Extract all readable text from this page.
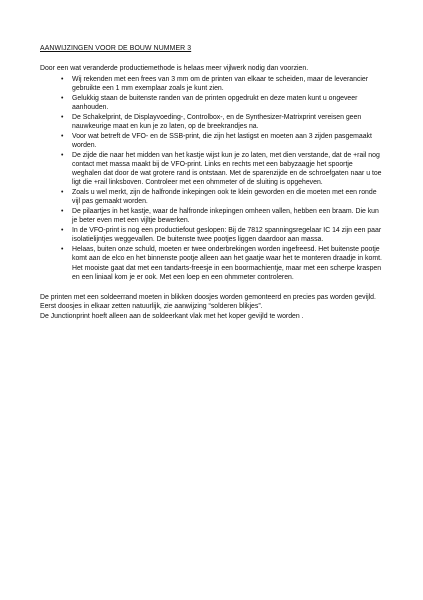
AANWIJZINGEN VOOR DE BOUW NUMMER 3

Door een wat veranderde productiemethode is helaas meer vijlwerk nodig dan voorzien.

• Wij rekenden met een frees van 3 mm om de printen van elkaar te scheiden, maar de leverancier gebruikte een 1 mm exemplaar zoals je kunt zien.
• Gelukkig staan de buitenste randen van de printen opgedrukt en deze maten kunt u ongeveer aanhouden.
• De Schakelprint, de Displayvoeding-, Controlbox-, en de Synthesizer-Matrixprint vereisen geen nauwkeurige maat en kun je zo laten, op de breekrandjes na.
• Voor wat betreft de VFO- en de SSB-print, die zijn het lastigst en moeten aan 3 zijden pasgemaakt worden.
• De zijde die naar het midden van het kastje wijst kun je zo laten, met dien verstande, dat de +rail nog contact met massa maakt bij de VFO-print. Links en rechts met een babyzaagje het spoortje weghalen dat door de wat grotere rand is ontstaan. Met de sparenzijde en de schroefgaten naar u toe ligt die +rail linksboven. Controleer met een ohmmeter of de sluiting is opgeheven.
• Zoals u wel merkt, zijn de halfronde inkepingen ook te klein geworden en die moeten met een ronde vijl pas gemaakt worden.
• De pilaartjes in het kastje, waar de halfronde inkepingen omheen vallen, hebben een braam. Die kun je beter even met een vijltje bewerken.
• In de VFO-print is nog een productiefout geslopen: Bij de 7812 spanningsregelaar IC 14 zijn een paar isolatielijntjes weggevallen. De buitenste twee pootjes liggen daardoor aan massa.
• Helaas, buiten onze schuld, moeten er twee onderbrekingen worden ingefreesd. Het buitenste pootje komt aan de elco en het binnenste pootje alleen aan het gaatje waar het te monteren draadje in komt. Het mooiste gaat dat met een tandarts-freesje in een boormachientje, maar met een scherpe kraspen en een liniaal kom je er ook. Met een loep en een ohmmeter controleren.

De printen met een soldeerrand moeten in blikken doosjes worden gemonteerd en precies pas worden gevijld. Eerst doosjes in elkaar zetten natuurlijk, zie aanwijzing “solderen blikjes”.

De Junctionprint hoeft alleen aan de soldeerkant vlak met het koper gevijld te worden .
